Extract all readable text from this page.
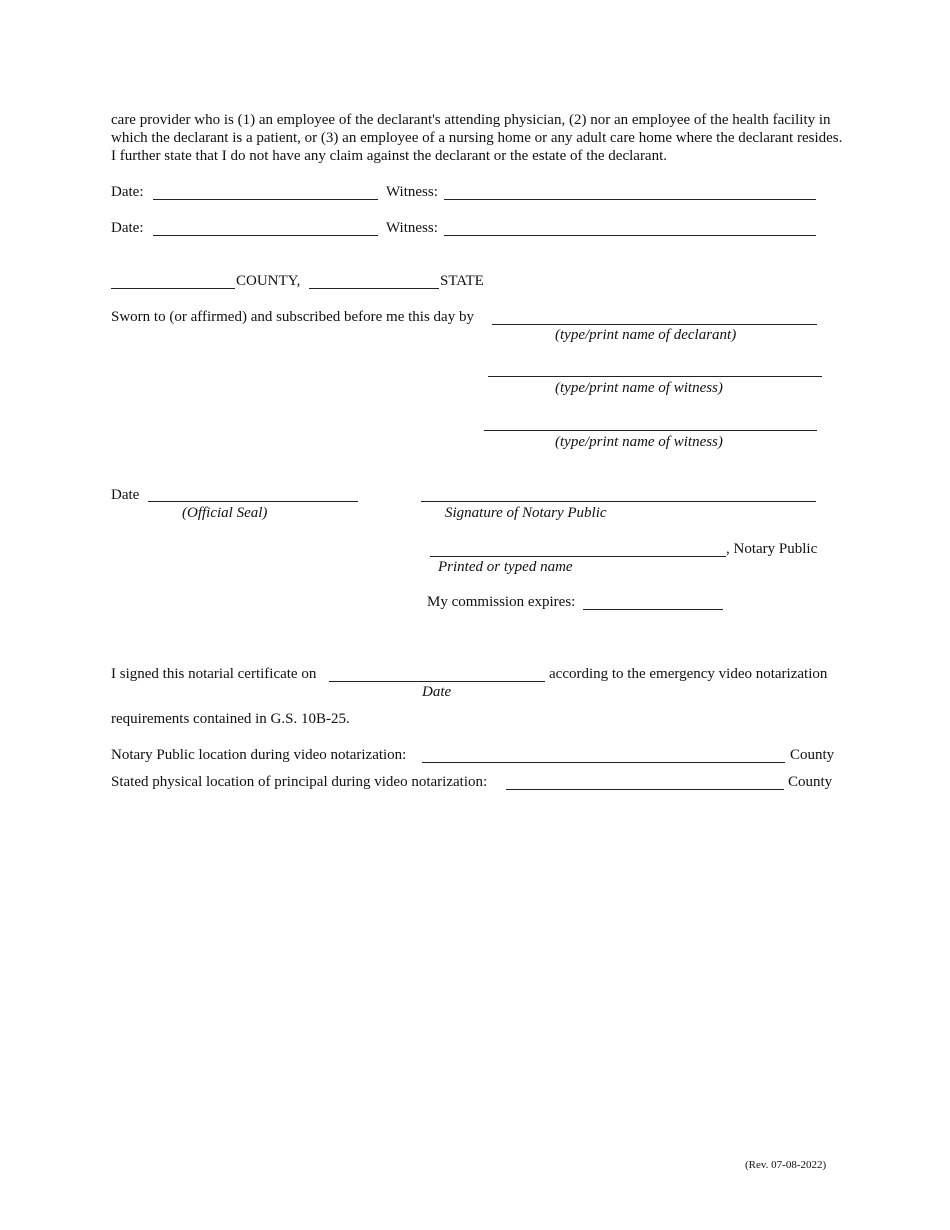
care provider who is (1) an employee of the declarant's attending physician, (2) nor an employee of the health facility in which the declarant is a patient, or (3) an employee of a nursing home or any adult care home where the declarant resides. I further state that I do not have any claim against the declarant or the estate of the declarant.
Date:	Witness:
Date:	Witness:
COUNTY,	STATE
Sworn to (or affirmed) and subscribed before me this day by
(type/print name of declarant)
(type/print name of witness)
(type/print name of witness)
Date
(Official Seal)	Signature of Notary Public
, Notary Public
Printed or typed name
My commission expires:
I signed this notarial certificate on	according to the emergency video notarization
Date
requirements contained in G.S. 10B-25.
Notary Public location during video notarization:	County
Stated physical location of principal during video notarization:	County
(Rev. 07-08-2022)
